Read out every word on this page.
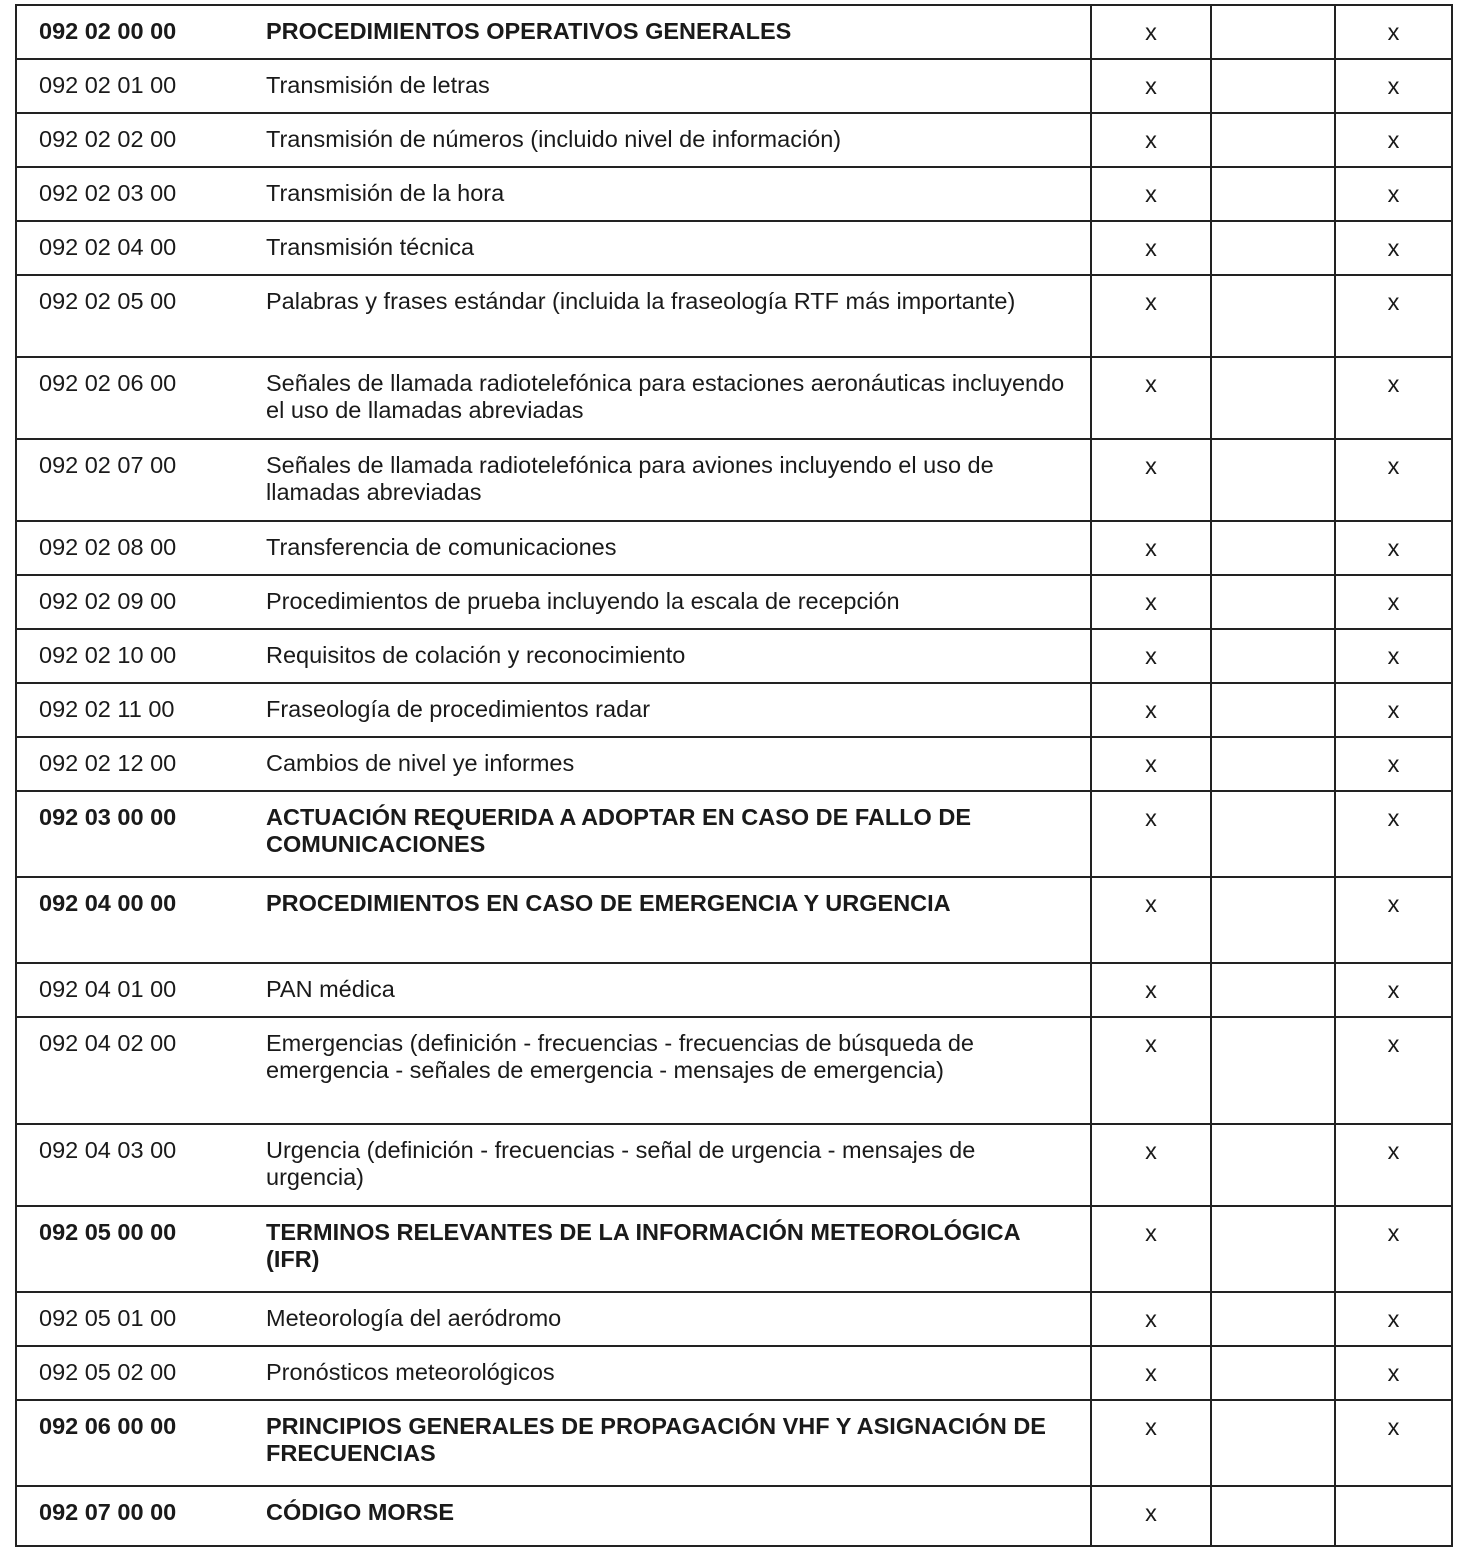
092 02 00 00	PROCEDIMIENTOS OPERATIVOS GENERALES	x		x
092 02 01 00	Transmisión de letras	x		x
092 02 02 00	Transmisión de números (incluido nivel de información)	x		x
092 02 03 00	Transmisión de la hora	x		x
092 02 04 00	Transmisión técnica	x		x
092 02 05 00	Palabras y frases estándar (incluida la fraseología RTF más importante)	x		x
092 02 06 00	Señales de llamada radiotelefónica para estaciones aeronáuticas incluyendo el uso de llamadas abreviadas	x		x
092 02 07 00	Señales de llamada radiotelefónica para aviones incluyendo el uso de llamadas abreviadas	x		x
092 02 08 00	Transferencia de comunicaciones	x		x
092 02 09 00	Procedimientos de prueba incluyendo la escala de recepción	x		x
092 02 10 00	Requisitos de colación y reconocimiento	x		x
092 02 11 00	Fraseología de procedimientos radar	x		x
092 02 12 00	Cambios de nivel ye informes	x		x
092 03 00 00	ACTUACIÓN REQUERIDA A ADOPTAR EN CASO DE FALLO DE COMUNICACIONES	x		x
092 04 00 00	PROCEDIMIENTOS EN CASO DE EMERGENCIA Y URGENCIA	x		x
092 04 01 00	PAN médica	x		x
092 04 02 00	Emergencias (definición - frecuencias - frecuencias de búsqueda de emergencia - señales de emergencia - mensajes de emergencia)	x		x
092 04 03 00	Urgencia (definición - frecuencias - señal de urgencia - mensajes de urgencia)	x		x
092 05 00 00	TERMINOS RELEVANTES DE LA INFORMACIÓN METEOROLÓGICA (IFR)	x		x
092 05 01 00	Meteorología del aeródromo	x		x
092 05 02 00	Pronósticos meteorológicos	x		x
092 06 00 00	PRINCIPIOS GENERALES DE PROPAGACIÓN VHF Y ASIGNACIÓN DE FRECUENCIAS	x		x
092 07 00 00	CÓDIGO MORSE	x		
